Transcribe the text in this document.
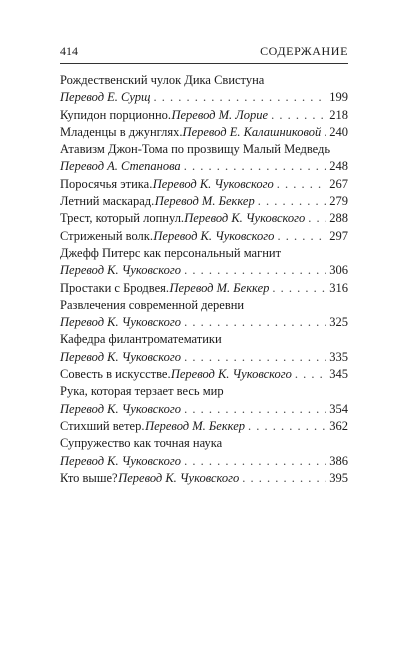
414	СОДЕРЖАНИЕ
Рождественский чулок Дика Свистуна
Перевод Е. Сурщ . . .	199
Купидон порционно. Перевод М. Лорие . . .	218
Младенцы в джунглях. Перевод Е. Калашниковой . . . 240
Атавизм Джон-Тома по прозвищу Малый Медведь
Перевод А. Степанова . . .	248
Поросячья этика. Перевод К. Чуковского . . .	267
Летний маскарад. Перевод М. Беккер . . .	279
Трест, который лопнул. Перевод К. Чуковского . . . 288
Стриженый волк. Перевод К. Чуковского . . .	297
Джефф Питерс как персональный магнит
Перевод К. Чуковского . . .	306
Простаки с Бродвея. Перевод М. Беккер . . .	316
Развлечения современной деревни
Перевод К. Чуковского . . .	325
Кафедра филантроматематики
Перевод К. Чуковского . . .	335
Совесть в искусстве. Перевод К. Чуковского . . .	345
Рука, которая терзает весь мир
Перевод К. Чуковского . . .	354
Стихший ветер. Перевод М. Беккер . . .	362
Супружество как точная наука
Перевод К. Чуковского . . .	386
Кто выше? Перевод К. Чуковского . . .	395
